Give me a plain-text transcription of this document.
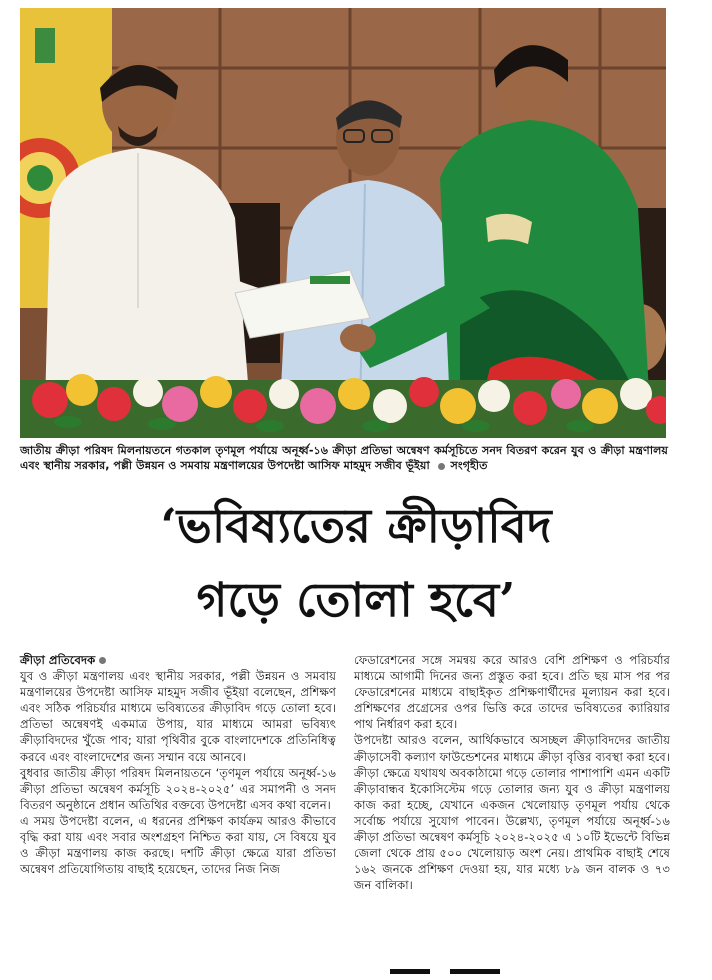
জাতীয় ক্রীড়া পরিষদ মিলনায়তনে গতকাল তৃণমূল পর্যায়ে অনূর্ধ্ব-১৬ ক্রীড়া প্রতিভা অন্বেষণ কর্মসূচিতে সনদ বিতরণ করেন যুব ও ক্রীড়া মন্ত্রণালয় এবং স্থানীয় সরকার, পল্লী উন্নয়ন ও সমবায় মন্ত্রণালয়ের উপদেষ্টা আসিফ মাহমুদ সজীব ভূঁইয়া সংগৃহীত
‘ভবিষ্যতের ক্রীড়াবিদ
গড়ে তোলা হবে’

ক্রীড়া প্রতিবেদক

যুব ও ক্রীড়া মন্ত্রণালয় এবং স্থানীয় সরকার, পল্লী উন্নয়ন ও সমবায় মন্ত্রণালয়ের উপদেষ্টা আসিফ মাহমুদ সজীব ভূঁইয়া বলেছেন, প্রশিক্ষণ এবং সঠিক পরিচর্যার মাধ্যমে ভবিষ্যতের ক্রীড়াবিদ গড়ে তোলা হবে। প্রতিভা অন্বেষণই একমাত্র উপায়, যার মাধ্যমে আমরা ভবিষ্যৎ ক্রীড়াবিদদের খুঁজে পাব; যারা পৃথিবীর বুকে বাংলাদেশকে প্রতিনিধিত্ব করবে এবং বাংলাদেশের জন্য সম্মান বয়ে আনবে।

বুধবার জাতীয় ক্রীড়া পরিষদ মিলনায়তনে ‘তৃণমূল পর্যায়ে অনূর্ধ্ব-১৬ ক্রীড়া প্রতিভা অন্বেষণ কর্মসূচি ২০২৪-২০২৫’ এর সমাপনী ও সনদ বিতরণ অনুষ্ঠানে প্রধান অতিথির বক্তব্যে উপদেষ্টা এসব কথা বলেন।

এ সময় উপদেষ্টা বলেন, এ ধরনের প্রশিক্ষণ কার্যক্রম আরও কীভাবে বৃদ্ধি করা যায় এবং সবার অংশগ্রহণ নিশ্চিত করা যায়, সে বিষয়ে যুব ও ক্রীড়া মন্ত্রণালয় কাজ করছে। দশটি ক্রীড়া ক্ষেত্রে যারা প্রতিভা অন্বেষণ প্রতিযোগিতায় বাছাই হয়েছেন, তাদের নিজ নিজ

ফেডারেশনের সঙ্গে সমন্বয় করে আরও বেশি প্রশিক্ষণ ও পরিচর্যার মাধ্যমে আগামী দিনের জন্য প্রস্তুত করা হবে। প্রতি ছয় মাস পর পর ফেডারেশনের মাধ্যমে বাছাইকৃত প্রশিক্ষণার্থীদের মূল্যায়ন করা হবে। প্রশিক্ষণের প্রগ্রেসের ওপর ভিত্তি করে তাদের ভবিষ্যতের ক্যারিয়ার পাথ নির্ধারণ করা হবে।

উপদেষ্টা আরও বলেন, আর্থিকভাবে অসচ্ছল ক্রীড়াবিদদের জাতীয় ক্রীড়াসেবী কল্যাণ ফাউন্ডেশনের মাধ্যমে ক্রীড়া বৃত্তির ব্যবস্থা করা হবে। ক্রীড়া ক্ষেত্রে যথাযথ অবকাঠামো গড়ে তোলার পাশাপাশি এমন একটি ক্রীড়াবান্ধব ইকোসিস্টেম গড়ে তোলার জন্য যুব ও ক্রীড়া মন্ত্রণালয় কাজ করা হচ্ছে, যেখানে একজন খেলোয়াড় তৃণমূল পর্যায় থেকে সর্বোচ্চ পর্যায়ে সুযোগ পাবেন। উল্লেখ্য, তৃণমূল পর্যায়ে অনূর্ধ্ব-১৬ ক্রীড়া প্রতিভা অন্বেষণ কর্মসূচি ২০২৪-২০২৫ এ ১০টি ইভেন্টে বিভিন্ন জেলা থেকে প্রায় ৫০০ খেলোয়াড় অংশ নেয়। প্রাথমিক বাছাই শেষে ১৬২ জনকে প্রশিক্ষণ দেওয়া হয়, যার মধ্যে ৮৯ জন বালক ও ৭৩ জন বালিকা।
